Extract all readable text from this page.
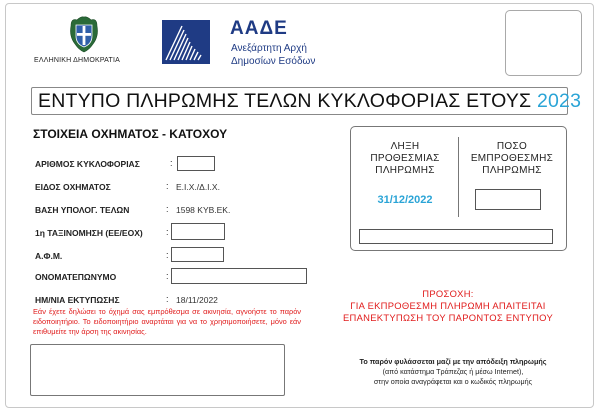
ΕΛΛΗΝΙΚΗ ΔΗΜΟΚΡΑΤΙΑ
ΑΑΔΕ
Ανεξάρτητη Αρχή
Δημοσίων Εσόδων
ΕΝΤΥΠΟ ΠΛΗΡΩΜΗΣ ΤΕΛΩΝ ΚΥΚΛΟΦΟΡΙΑΣ ΕΤΟΥΣ 2023
ΣΤΟΙΧΕΙΑ ΟΧΗΜΑΤΟΣ - ΚΑΤΟΧΟΥ
ΑΡΙΘΜΟΣ ΚΥΚΛΟΦΟΡΙΑΣ	:
ΕΙΔΟΣ ΟΧΗΜΑΤΟΣ	: Ε.Ι.Χ./Δ.Ι.Χ.
ΒΑΣΗ ΥΠΟΛΟΓ. ΤΕΛΩΝ	: 1598 ΚΥΒ.ΕΚ.
1η ΤΑΞΙΝΟΜΗΣΗ (ΕΕ/ΕΟΧ)	:
Α.Φ.Μ.	:
ΟΝΟΜΑΤΕΠΩΝΥΜΟ	:
ΗΜ/ΝΙΑ ΕΚΤΥΠΩΣΗΣ	: 18/11/2022
Εάν έχετε δηλώσει το όχημά σας εμπρόθεσμα σε ακινησία, αγνοήστε το παρόν ειδοποιητήριο. Το ειδοποιητήριο αναρτάται για να το χρησιμοποιήσετε, μόνο εάν επιθυμείτε την άρση της ακινησίας.
ΛΗΞΗ
ΠΡΟΘΕΣΜΙΑΣ
ΠΛΗΡΩΜΗΣ
31/12/2022
ΠΟΣΟ
ΕΜΠΡΟΘΕΣΜΗΣ
ΠΛΗΡΩΜΗΣ
ΠΡΟΣΟΧΗ:
ΓΙΑ ΕΚΠΡΟΘΕΣΜΗ ΠΛΗΡΩΜΗ ΑΠΑΙΤΕΙΤΑΙ
ΕΠΑΝΕΚΤΥΠΩΣΗ ΤΟΥ ΠΑΡΟΝΤΟΣ ΕΝΤΥΠΟΥ
Το παρόν φυλάσσεται μαζί με την απόδειξη πληρωμής
(από κατάστημα Τράπεζας ή μέσω Internet),
στην οποία αναγράφεται και ο κωδικός πληρωμής
